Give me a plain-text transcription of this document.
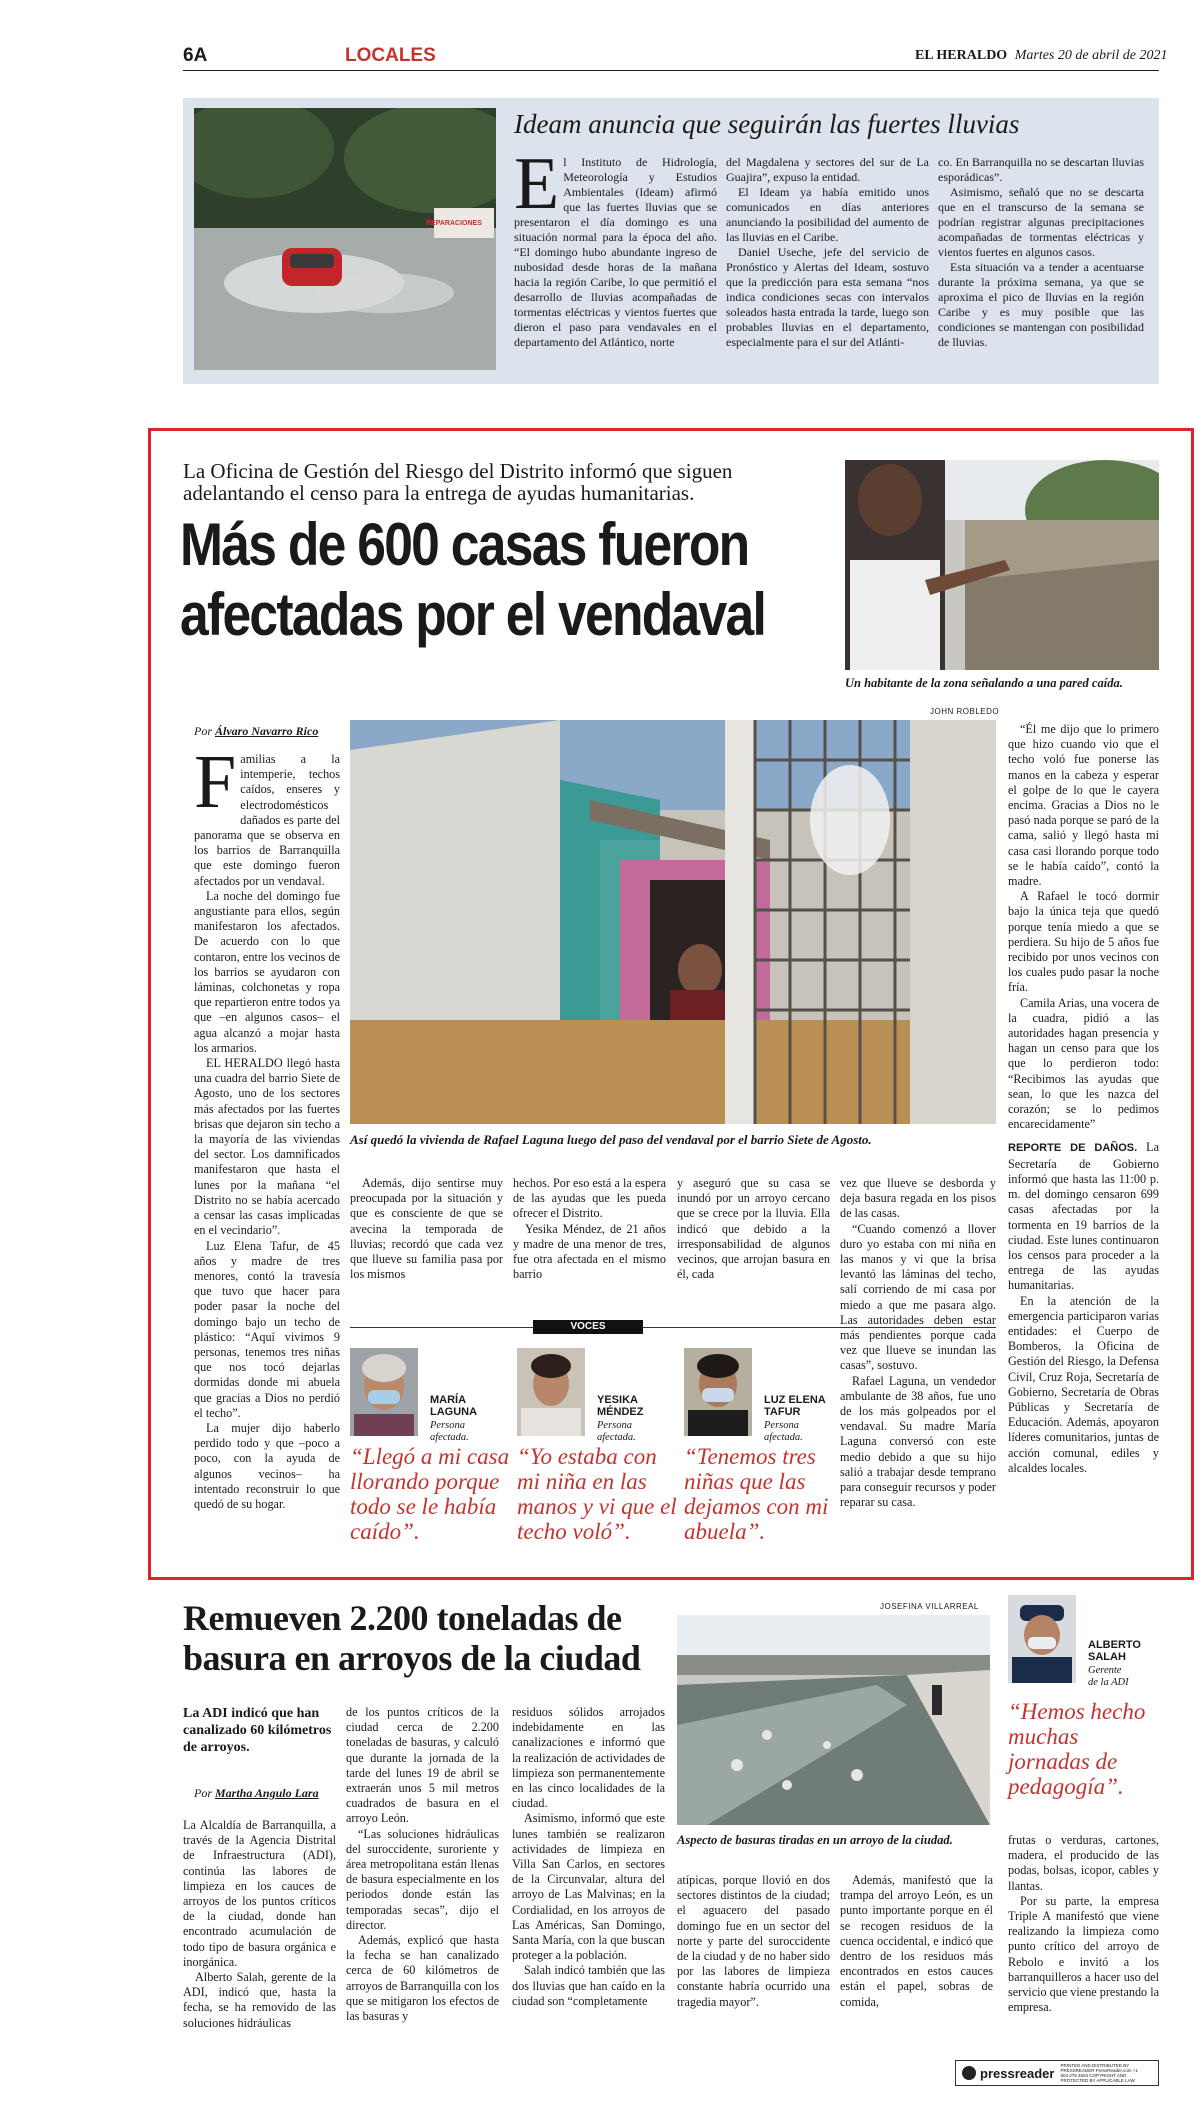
6A	LOCALES	EL HERALDO Martes 20 de abril de 2021
REPARACIONES
Ideam anuncia que seguirán las fuertes lluvias
E l Instituto de Hidrología, Meteorología y Estudios Ambientales (Ideam) afirmó que las fuertes lluvias que se presentaron el día domingo es una situación normal para la época del año. “El domingo hubo abundante ingreso de nubosidad desde horas de la mañana hacia la región Caribe, lo que permitió el desarrollo de lluvias acompañadas de tormentas eléctricas y vientos fuertes que dieron el paso para vendavales en el departamento del Atlántico, norte

del Magdalena y sectores del sur de La Guajira”, expuso la entidad.

El Ideam ya había emitido unos comunicados en días anteriores anunciando la posibilidad del aumento de las lluvias en el Caribe.

Daniel Useche, jefe del servicio de Pronóstico y Alertas del Ideam, sostuvo que la predicción para esta semana “nos indica condiciones secas con intervalos soleados hasta entrada la tarde, luego son probables lluvias en el departamento, especialmente para el sur del Atlánti-

co. En Barranquilla no se descartan lluvias esporádicas”.

Asimismo, señaló que no se descarta que en el transcurso de la semana se podrían registrar algunas precipitaciones acompañadas de tormentas eléctricas y vientos fuertes en algunos casos.

Esta situación va a tender a acentuarse durante la próxima semana, ya que se aproxima el pico de lluvias en la región Caribe y es muy posible que las condiciones se mantengan con posibilidad de lluvias.

La Oficina de Gestión del Riesgo del Distrito informó que siguen adelantando el censo para la entrega de ayudas humanitarias.
Más de 600 casas fueron
afectadas por el vendaval
Un habitante de la zona señalando a una pared caída.
JOHN ROBLEDO
Así quedó la vivienda de Rafael Laguna luego del paso del vendaval por el barrio Siete de Agosto.
Por Álvaro Navarro Rico
F amilias a la intemperie, techos caídos, enseres y electrodomésticos dañados es parte del panorama que se observa en los barrios de Barranquilla que este domingo fueron afectados por un vendaval.

La noche del domingo fue angustiante para ellos, según manifestaron los afectados. De acuerdo con lo que contaron, entre los vecinos de los barrios se ayudaron con láminas, colchonetas y ropa que repartieron entre todos ya que –en algunos casos– el agua alcanzó a mojar hasta los armarios.

EL HERALDO llegó hasta una cuadra del barrio Siete de Agosto, uno de los sectores más afectados por las fuertes brisas que dejaron sin techo a la mayoría de las viviendas del sector. Los damnificados manifestaron que hasta el lunes por la mañana “el Distrito no se había acercado a censar las casas implicadas en el vecindario”.

Luz Elena Tafur, de 45 años y madre de tres menores, contó la travesía que tuvo que hacer para poder pasar la noche del domingo bajo un techo de plástico: “Aquí vivimos 9 personas, tenemos tres niñas que nos tocó dejarlas dormidas donde mi abuela que gracias a Dios no perdió el techo”.

La mujer dijo haberlo perdido todo y que –poco a poco, con la ayuda de algunos vecinos– ha intentado reconstruir lo que quedó de su hogar.

Además, dijo sentirse muy preocupada por la situación y que es consciente de que se avecina la temporada de lluvias; recordó que cada vez que llueve su familia pasa por los mismos

hechos. Por eso está a la espera de las ayudas que les pueda ofrecer el Distrito.

Yesika Méndez, de 21 años y madre de una menor de tres, fue otra afectada en el mismo barrio

y aseguró que su casa se inundó por un arroyo cercano que se crece por la lluvia. Ella indicó que debido a la irresponsabilidad de algunos vecinos, que arrojan basura en él, cada

vez que llueve se desborda y deja basura regada en los pisos de las casas.

“Cuando comenzó a llover duro yo estaba con mi niña en las manos y vi que la brisa levantó las láminas del techo, salí corriendo de mi casa por miedo a que me pasara algo. Las autoridades deben estar más pendientes porque cada vez que llueve se inundan las casas”, sostuvo.

Rafael Laguna, un vendedor ambulante de 38 años, fue uno de los más golpeados por el vendaval. Su madre María Laguna conversó con este medio debido a que su hijo salió a trabajar desde temprano para conseguir recursos y poder reparar su casa.

“Él me dijo que lo primero que hizo cuando vio que el techo voló fue ponerse las manos en la cabeza y esperar el golpe de lo que le cayera encima. Gracias a Dios no le pasó nada porque se paró de la cama, salió y llegó hasta mi casa casi llorando porque todo se le había caído”, contó la madre.

A Rafael le tocó dormir bajo la única teja que quedó porque tenía miedo a que se perdiera. Su hijo de 5 años fue recibido por unos vecinos con los cuales pudo pasar la noche fría.

Camila Arias, una vocera de la cuadra, pidió a las autoridades hagan presencia y hagan un censo para que los que lo perdieron todo: “Recibimos las ayudas que sean, lo que les nazca del corazón; se lo pedimos encarecidamente”

REPORTE DE DAÑOS. La Secretaría de Gobierno informó que hasta las 11:00 p. m. del domingo censaron 699 casas afectadas por la tormenta en 19 barrios de la ciudad. Este lunes continuaron los censos para proceder a la entrega de las ayudas humanitarias.

En la atención de la emergencia participaron varias entidades: el Cuerpo de Bomberos, la Oficina de Gestión del Riesgo, la Defensa Civil, Cruz Roja, Secretaría de Gobierno, Secretaría de Obras Públicas y Secretaría de Educación. Además, apoyaron líderes comunitarios, juntas de acción comunal, ediles y alcaldes locales.

VOCES
MARÍA
LAGUNA
Persona
afectada.
“Llegó a mi casa llorando porque todo se le había caído”.
YESIKA
MÉNDEZ
Persona
afectada.
“Yo estaba con mi niña en las manos y vi que el techo voló”.
LUZ ELENA
TAFUR
Persona
afectada.
“Tenemos tres niñas que las dejamos con mi abuela”.
Remueven 2.200 toneladas de
basura en arroyos de la ciudad
La ADI indicó que han canalizado 60 kilómetros de arroyos.
Por Martha Angulo Lara

La Alcaldía de Barranquilla, a través de la Agencia Distrital de Infraestructura (ADI), continúa las labores de limpieza en los cauces de arroyos de los puntos críticos de la ciudad, donde han encontrado acumulación de todo tipo de basura orgánica e inorgánica.

Alberto Salah, gerente de la ADI, indicó que, hasta la fecha, se ha removido de las soluciones hidráulicas

de los puntos críticos de la ciudad cerca de 2.200 toneladas de basuras, y calculó que durante la jornada de la tarde del lunes 19 de abril se extraerán unos 5 mil metros cuadrados de basura en el arroyo León.

“Las soluciones hidráulicas del suroccidente, suroriente y área metropolitana están llenas de basura especialmente en los periodos donde están las temporadas secas”, dijo el director.

Además, explicó que hasta la fecha se han canalizado cerca de 60 kilómetros de arroyos de Barranquilla con los que se mitigaron los efectos de las basuras y

residuos sólidos arrojados indebidamente en las canalizaciones e informó que la realización de actividades de limpieza son permanentemente en las cinco localidades de la ciudad.

Asimismo, informó que este lunes también se realizaron actividades de limpieza en Villa San Carlos, en sectores de la Circunvalar, altura del arroyo de Las Malvinas; en la Cordialidad, en los arroyos de Las Américas, San Domingo, Santa María, con la que buscan proteger a la población.

Salah indicó también que las dos lluvias que han caído en la ciudad son “completamente

JOSEFINA VILLARREAL
Aspecto de basuras tiradas en un arroyo de la ciudad.

atípicas, porque llovió en dos sectores distintos de la ciudad; el aguacero del pasado domingo fue en un sector del norte y parte del suroccidente de la ciudad y de no haber sido por las labores de limpieza constante habría ocurrido una tragedia mayor”.

Además, manifestó que la trampa del arroyo León, es un punto importante porque en él se recogen residuos de la cuenca occidental, e indicó que dentro de los residuos más encontrados en estos cauces están el papel, sobras de comida,

ALBERTO
SALAH
Gerente
de la ADI
“Hemos hecho muchas jornadas de pedagogía”.

frutas o verduras, cartones, madera, el producido de las podas, bolsas, icopor, cables y llantas.

Por su parte, la empresa Triple A manifestó que viene realizando la limpieza como punto crítico del arroyo de Rebolo e invitó a los barranquilleros a hacer uso del servicio que viene prestando la empresa.

pressreader PRINTED AND DISTRIBUTED BY PRESSREADER PressReader.com +1 604 278 4604 COPYRIGHT AND PROTECTED BY APPLICABLE LAW
